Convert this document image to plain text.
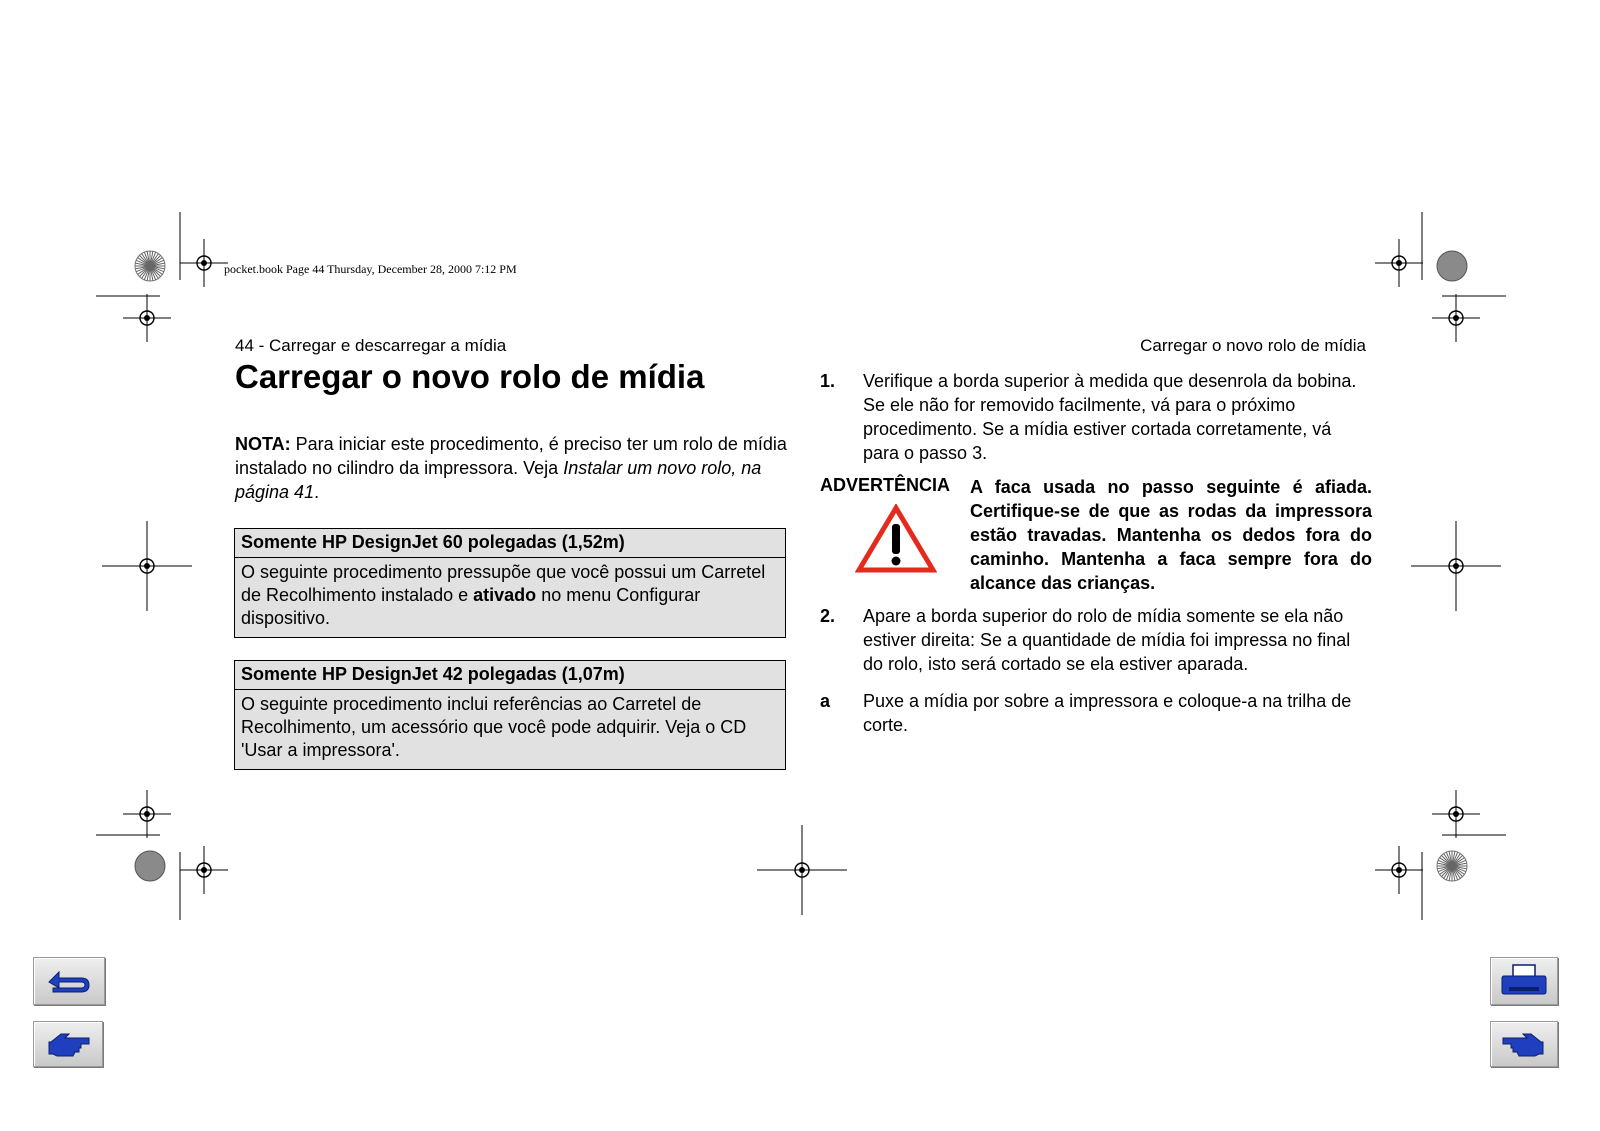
pocket.book Page 44 Thursday, December 28, 2000 7:12 PM
44 - Carregar e descarregar a mídia	Carregar o novo rolo de mídia
Carregar o novo rolo de mídia

NOTA: Para iniciar este procedimento, é preciso ter um rolo de mídia instalado no cilindro da impressora. Veja Instalar um novo rolo, na página 41.

Somente HP DesignJet 60 polegadas (1,52m)
O seguinte procedimento pressupõe que você possui um Carretel de Recolhimento instalado e ativado no menu Configurar dispositivo.
Somente HP DesignJet 42 polegadas (1,07m)
O seguinte procedimento inclui referências ao Carretel de Recolhimento, um acessório que você pode adquirir. Veja o CD 'Usar a impressora'.
1.	Verifique a borda superior à medida que desenrola da bobina. Se ele não for removido facilmente, vá para o próximo procedimento. Se a mídia estiver cortada corretamente, vá para o passo 3.
ADVERTÊNCIA A faca usada no passo seguinte é afiada. Certifique-se de que as rodas da impressora estão travadas. Mantenha os dedos fora do caminho. Mantenha a faca sempre fora do alcance das crianças.
2.	Apare a borda superior do rolo de mídia somente se ela não estiver direita: Se a quantidade de mídia foi impressa no final do rolo, isto será cortado se ela estiver aparada.
a	Puxe a mídia por sobre a impressora e coloque-a na trilha de corte.
